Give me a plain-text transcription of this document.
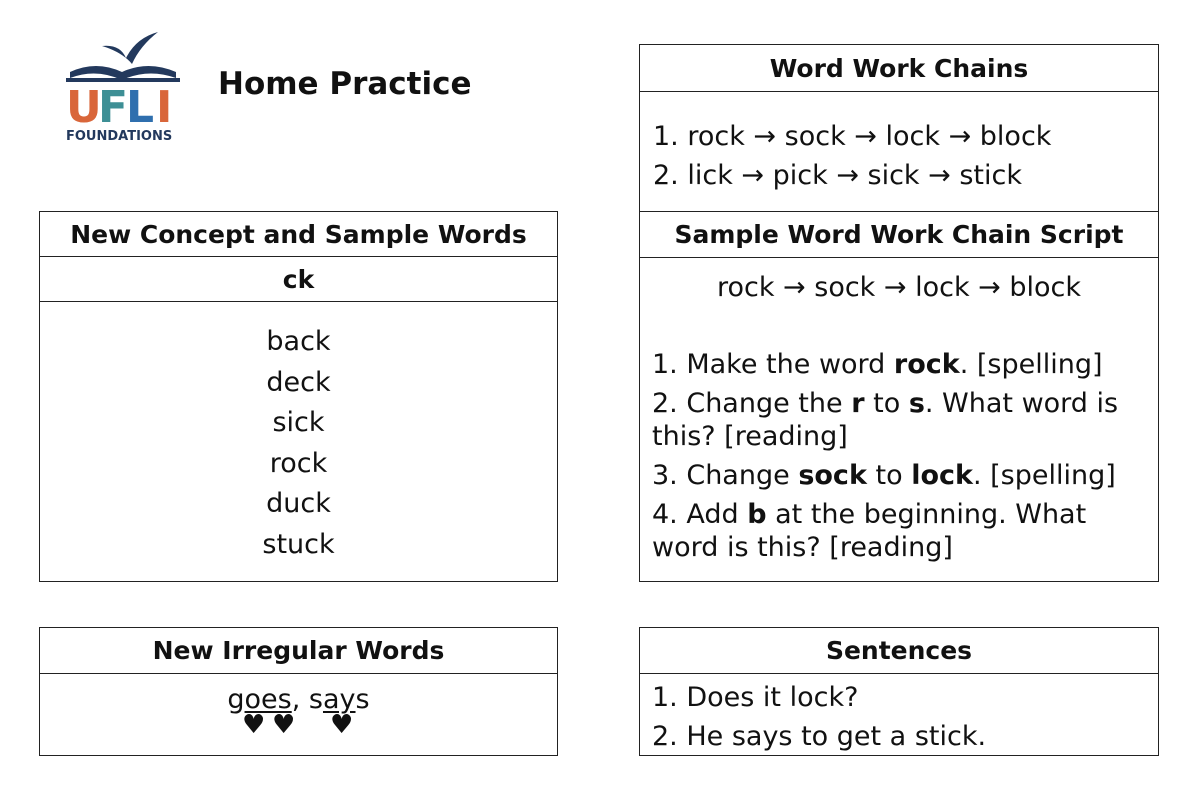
U
F
L I
FOUNDATIONS
Home Practice
New Concept and Sample Words
ck
back
deck
sick
rock
duck
stuck
New Irregular Words
goes, says
♥ ♥ ♥
Word Work Chains
1. rock → sock → lock → block
2. lick → pick → sick → stick
Sample Word Work Chain Script
rock → sock → lock → block
1. Make the word rock. [spelling]
2. Change the r to s. What word is this? [reading]
3. Change sock to lock. [spelling]
4. Add b at the beginning. What word is this? [reading]
Sentences
1. Does it lock?
2. He says to get a stick.
